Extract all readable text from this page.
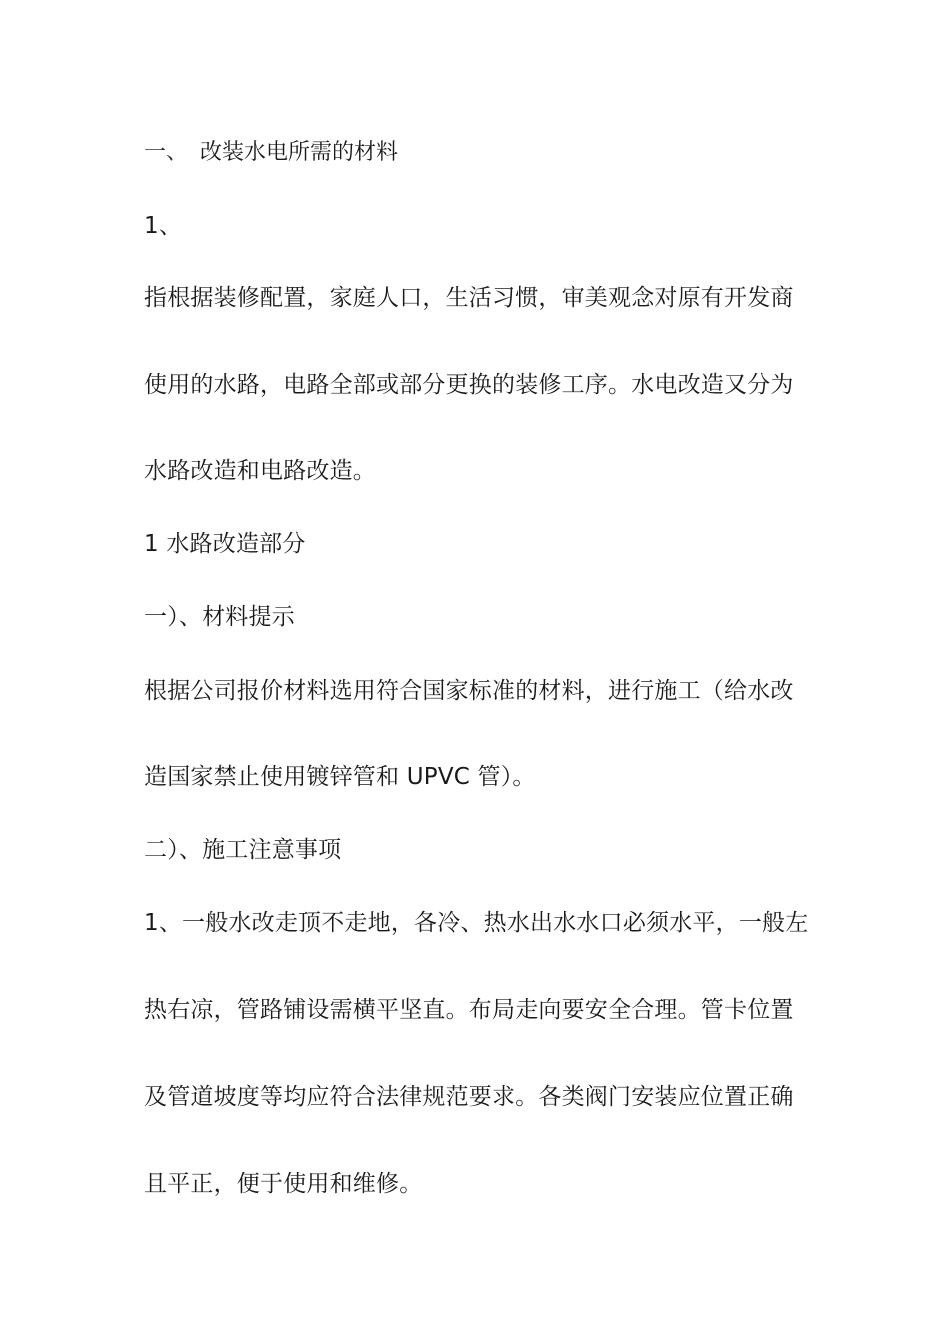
一、 改装水电所需的材料
1、
指根据装修配置，家庭人口，生活习惯，审美观念对原有开发商
使用的水路，电路全部或部分更换的装修工序。水电改造又分为
水路改造和电路改造。
1 水路改造部分
一）、材料提示
根据公司报价材料选用符合国家标准的材料，进行施工（给水改
造国家禁止使用镀锌管和 UPVC 管）。
二）、施工注意事项
1、一般水改走顶不走地，各冷、热水出水水口必须水平，一般左
热右凉，管路铺设需横平坚直。布局走向要安全合理。管卡位置
及管道坡度等均应符合法律规范要求。各类阀门安装应位置正确
且平正，便于使用和维修。
